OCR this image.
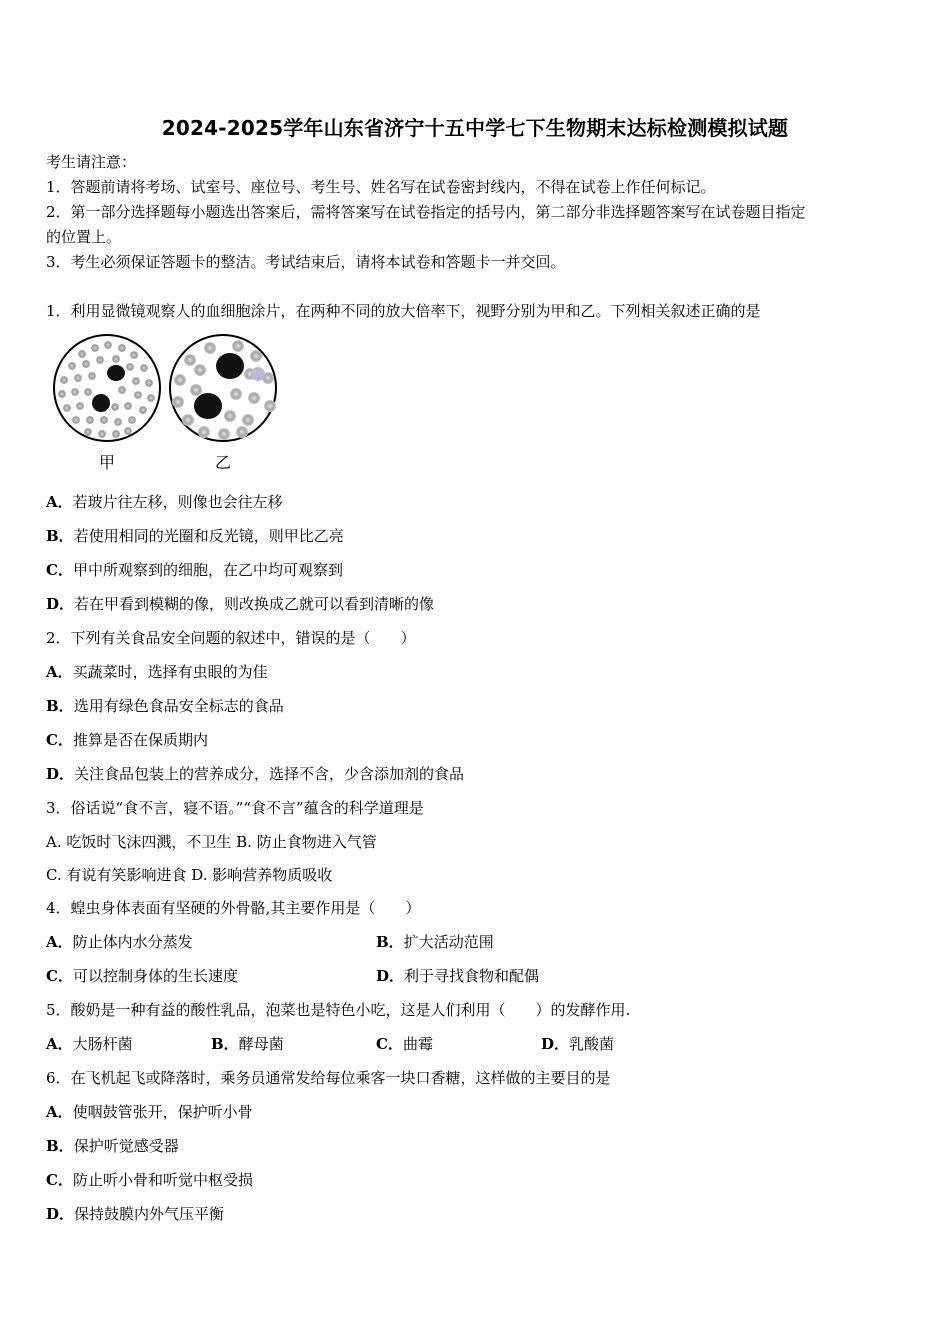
2024-2025学年山东省济宁十五中学七下生物期末达标检测模拟试题
考生请注意：
1．答题前请将考场、试室号、座位号、考生号、姓名写在试卷密封线内，不得在试卷上作任何标记。
2．第一部分选择题每小题选出答案后，需将答案写在试卷指定的括号内，第二部分非选择题答案写在试卷题目指定
的位置上。
3．考生必须保证答题卡的整洁。考试结束后，请将本试卷和答题卡一并交回。
1．利用显微镜观察人的血细胞涂片，在两种不同的放大倍率下，视野分别为甲和乙。下列相关叙述正确的是
甲	乙
A．若玻片往左移，则像也会往左移
B．若使用相同的光圈和反光镜，则甲比乙亮
C．甲中所观察到的细胞，在乙中均可观察到
D．若在甲看到模糊的像，则改换成乙就可以看到清晰的像
2．下列有关食品安全问题的叙述中，错误的是（　　）
A．买蔬菜时，选择有虫眼的为佳
B．选用有绿色食品安全标志的食品
C．推算是否在保质期内
D．关注食品包装上的营养成分，选择不含，少含添加剂的食品
3．俗话说“食不言，寝不语。”“食不言”蕴含的科学道理是
A. 吃饭时飞沫四溅，不卫生 B. 防止食物进入气管
C. 有说有笑影响进食 D. 影响营养物质吸收
4．蝗虫身体表面有坚硬的外骨骼,其主要作用是（　　）
A．防止体内水分蒸发	B．扩大活动范围
C．可以控制身体的生长速度	D．利于寻找食物和配偶
5．酸奶是一种有益的酸性乳品，泡菜也是特色小吃，这是人们利用（　　）的发酵作用.
A．大肠杆菌	B．酵母菌	C．曲霉	D．乳酸菌
6．在飞机起飞或降落时，乘务员通常发给每位乘客一块口香糖，这样做的主要目的是
A．使咽鼓管张开，保护听小骨
B．保护听觉感受器
C．防止听小骨和听觉中枢受损
D．保持鼓膜内外气压平衡
